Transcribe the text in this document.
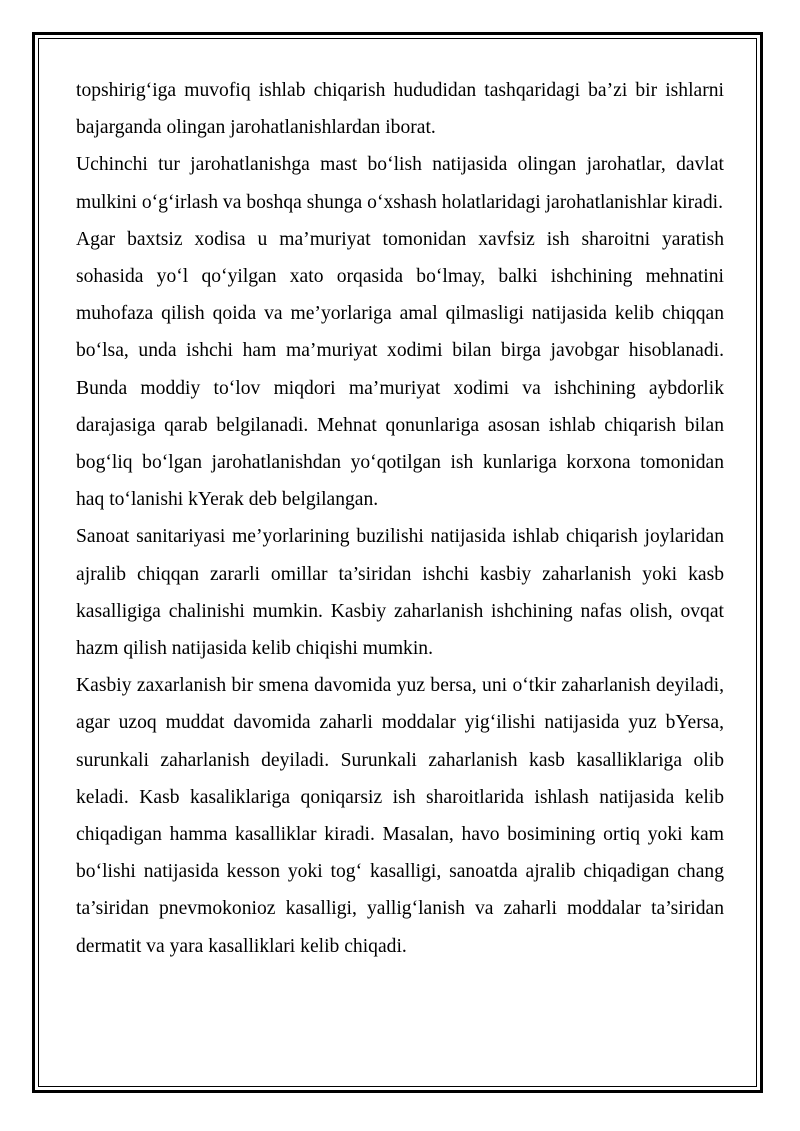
topshirig‘iga muvofiq ishlab chiqarish hududidan tashqaridagi ba’zi bir ishlarni bajarganda olingan jarohatlanishlardan iborat.

Uchinchi tur jarohatlanishga mast bo‘lish natijasida olingan jarohatlar, davlat mulkini o‘g‘irlash va boshqa shunga o‘xshash holatlaridagi jarohatlanishlar kiradi.

Agar baxtsiz xodisa u ma’muriyat tomonidan xavfsiz ish sharoitni yaratish sohasida yo‘l qo‘yilgan xato orqasida bo‘lmay, balki ishchining mehnatini muhofaza qilish qoida va me’yorlariga amal qilmasligi natijasida kelib chiqqan bo‘lsa, unda ishchi ham ma’muriyat xodimi bilan birga javobgar hisoblanadi. Bunda moddiy to‘lov miqdori ma’muriyat xodimi va ishchining aybdorlik darajasiga qarab belgilanadi. Mehnat qonunlariga asosan ishlab chiqarish bilan bog‘liq bo‘lgan jarohatlanishdan yo‘qotilgan ish kunlariga korxona tomonidan haq to‘lanishi kYerak deb belgilangan.

Sanoat sanitariyasi me’yorlarining buzilishi natijasida ishlab chiqarish joylaridan ajralib chiqqan zararli omillar ta’siridan ishchi kasbiy zaharlanish yoki kasb kasalligiga chalinishi mumkin. Kasbiy zaharlanish ishchining nafas olish, ovqat hazm qilish natijasida kelib chiqishi mumkin.

Kasbiy zaxarlanish bir smena davomida yuz bersa, uni o‘tkir zaharlanish deyiladi, agar uzoq muddat davomida zaharli moddalar yig‘ilishi natijasida yuz bYersa, surunkali zaharlanish deyiladi. Surunkali zaharlanish kasb kasalliklariga olib keladi. Kasb kasaliklariga qoniqarsiz ish sharoitlarida ishlash natijasida kelib chiqadigan hamma kasalliklar kiradi. Masalan, havo bosimining ortiq yoki kam bo‘lishi natijasida kesson yoki tog‘ kasalligi, sanoatda ajralib chiqadigan chang ta’siridan pnevmokonioz kasalligi, yallig‘lanish va zaharli moddalar ta’siridan dermatit va yara kasalliklari kelib chiqadi.
